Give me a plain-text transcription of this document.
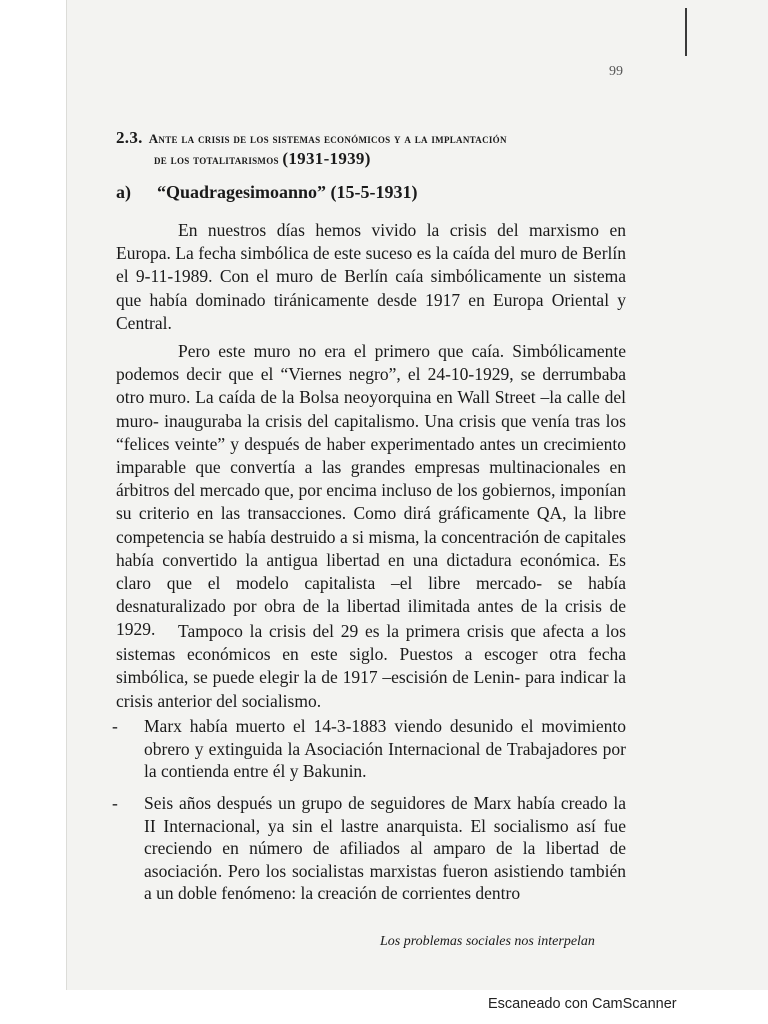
99
2.3. Ante la crisis de los sistemas económicos y a la implantación
de los totalitarismos (1931-1939)
a) “Quadragesimoanno” (15-5-1931)

En nuestros días hemos vivido la crisis del marxismo en Europa. La fecha simbólica de este suceso es la caída del muro de Berlín el 9-11-1989. Con el muro de Berlín caía simbólicamente un sistema que había dominado tiránicamente desde 1917 en Europa Oriental y Central.

Pero este muro no era el primero que caía. Simbólicamente podemos decir que el “Viernes negro”, el 24-10-1929, se derrumbaba otro muro. La caída de la Bolsa neoyorquina en Wall Street –la calle del muro- inauguraba la crisis del capitalismo. Una crisis que venía tras los “felices veinte” y después de haber experimentado antes un crecimiento imparable que convertía a las grandes empresas multinacionales en árbitros del mercado que, por encima incluso de los gobiernos, imponían su criterio en las transacciones. Como dirá gráficamente QA, la libre competencia se había destruido a si misma, la concentración de capitales había convertido la antigua libertad en una dictadura económica. Es claro que el modelo capitalista –el libre mercado- se había desnaturalizado por obra de la libertad ilimitada antes de la crisis de 1929.	Tampoco la crisis del 29 es la primera crisis que afecta a los sistemas económicos en este siglo. Puestos a escoger otra fecha simbólica, se puede elegir la de 1917 –escisión de Lenin- para indicar la crisis anterior del socialismo.

-	Marx había muerto el 14-3-1883 viendo desunido el movimiento obrero y extinguida la Asociación Internacional de Trabajadores por la contienda entre él y Bakunin.
-	Seis años después un grupo de seguidores de Marx había creado la II Internacional, ya sin el lastre anarquista. El socialismo así fue creciendo en número de afiliados al amparo de la libertad de asociación. Pero los socialistas marxistas fueron asistiendo también a un doble fenómeno: la creación de corrientes dentro
Los problemas sociales nos interpelan
Escaneado con CamScanner
